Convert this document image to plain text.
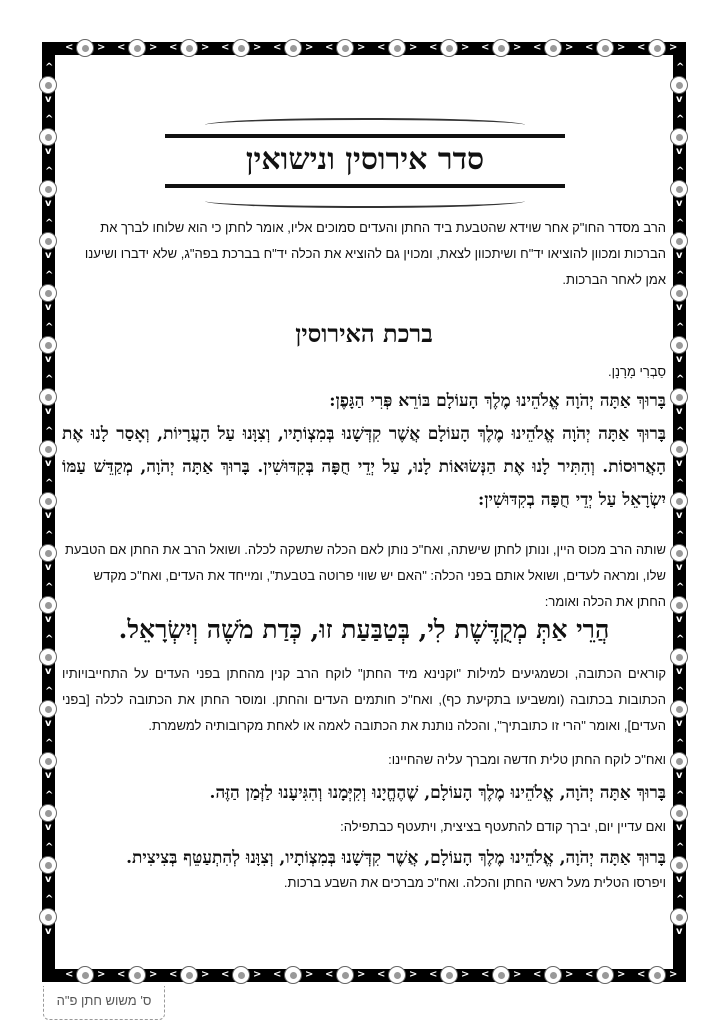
< >
< >
< >
< >
< >
< >
< >
< >
< >
< >
< >
< >
< >
< >
< >
< >
< >
< >
< >
< >
< >
< >
< >
< >
^
v
^
v
^
v
^
v
^
v
^
v
^
v
^
v
^
v
^
v
^
v
^
v
^
v
^
v
^
v
^
v
^
v
^
v
^
v
^
v
^
v
^
v
^
v
^
v
^
v
^
v
^
v
^
v
^
v
^
v
^
v
^
v
^
v
^
v
סדר אירוסין ונישואין

הרב מסדר החו"ק אחר שוידא שהטבעת ביד החתן והעדים סמוכים אליו, אומר לחתן כי הוא שלוחו לברך את הברכות ומכוון להוציאו יד"ח ושיתכוון לצאת, ומכוין גם להוציא את הכלה יד"ח בברכת בפה"ג, שלא ידברו ושיענו אמן לאחר הברכות.

ברכת האירוסין

סַבְרִי מָרָנָן.

בָּרוּךְ אַתָּה יְהֹוָה אֱלֹהֵינוּ מֶלֶךְ הָעוֹלָם בּוֹרֵא פְּרִי הַגָּפֶן:

בָּרוּךְ אַתָּה יְהֹוָה אֱלֹהֵינוּ מֶלֶךְ הָעוֹלָם אֲשֶׁר קִדְּשָׁנוּ בְּמִצְוֹתָיו, וְצִוָּנוּ עַל הָעֲרָיוֹת, וְאָסַר לָנוּ אֶת הָאֲרוּסוֹת. וְהִתִּיר לָנוּ אֶת הַנְּשׂוּאוֹת לָנוּ, עַל יְדֵי חֻפָּה בְּקִדּוּשִׁין. בָּרוּךְ אַתָּה יְהֹוָה, מְקַדֵּשׁ עַמּוֹ יִשְׂרָאֵל עַל יְדֵי חֻפָּה בְקִדּוּשִׁין:

שותה הרב מכוס היין, ונותן לחתן שישתה, ואח"כ נותן לאם הכלה שתשקה לכלה. ושואל הרב את החתן אם הטבעת שלו, ומראה לעדים, ושואל אותם בפני הכלה: "האם יש שווי פרוטה בטבעת", ומייחד את העדים, ואח"כ מקדש החתן את הכלה ואומר:

הֲרֵי אַתְּ מְקֻדֶּשֶׁת לִי, בְּטַבַּעַת זוּ, כְּדַת מֹשֶׁה וְיִשְׂרָאֵל.

קוראים הכתובה, וכשמגיעים למילות "וקנינא מיד החתן" לוקח הרב קנין מהחתן בפני העדים על התחייבויותיו הכתובות בכתובה (ומשביעו בתקיעת כף), ואח"כ חותמים העדים והחתן. ומוסר החתן את הכתובה לכלה [בפני העדים], ואומר "הרי זו כתובתיך", והכלה נותנת את הכתובה לאמה או לאחת מקרובותיה למשמרת.

ואח"כ לוקח החתן טלית חדשה ומברך עליה שהחיינו:

בָּרוּךְ אַתָּה יְהֹוָה, אֱלֹהֵינוּ מֶלֶךְ הָעוֹלָם, שֶׁהֶחֱיָנוּ וְקִיְּמָנוּ וְהִגִּיעָנוּ לַזְּמַן הַזֶּה.

ואם עדיין יום, יברך קודם להתעטף בציצית, ויתעטף כבתפילה:

בָּרוּךְ אַתָּה יְהֹוָה, אֱלֹהֵינוּ מֶלֶךְ הָעוֹלָם, אֲשֶׁר קִדְּשָׁנוּ בְּמִצְוֹתָיו, וְצִוָּנוּ לְהִתְעַטֵּף בְּצִיצִית.

ויפרסו הטלית מעל ראשי החתן והכלה. ואח"כ מברכים את השבע ברכות.

ס' משוש חתן פ"ה
